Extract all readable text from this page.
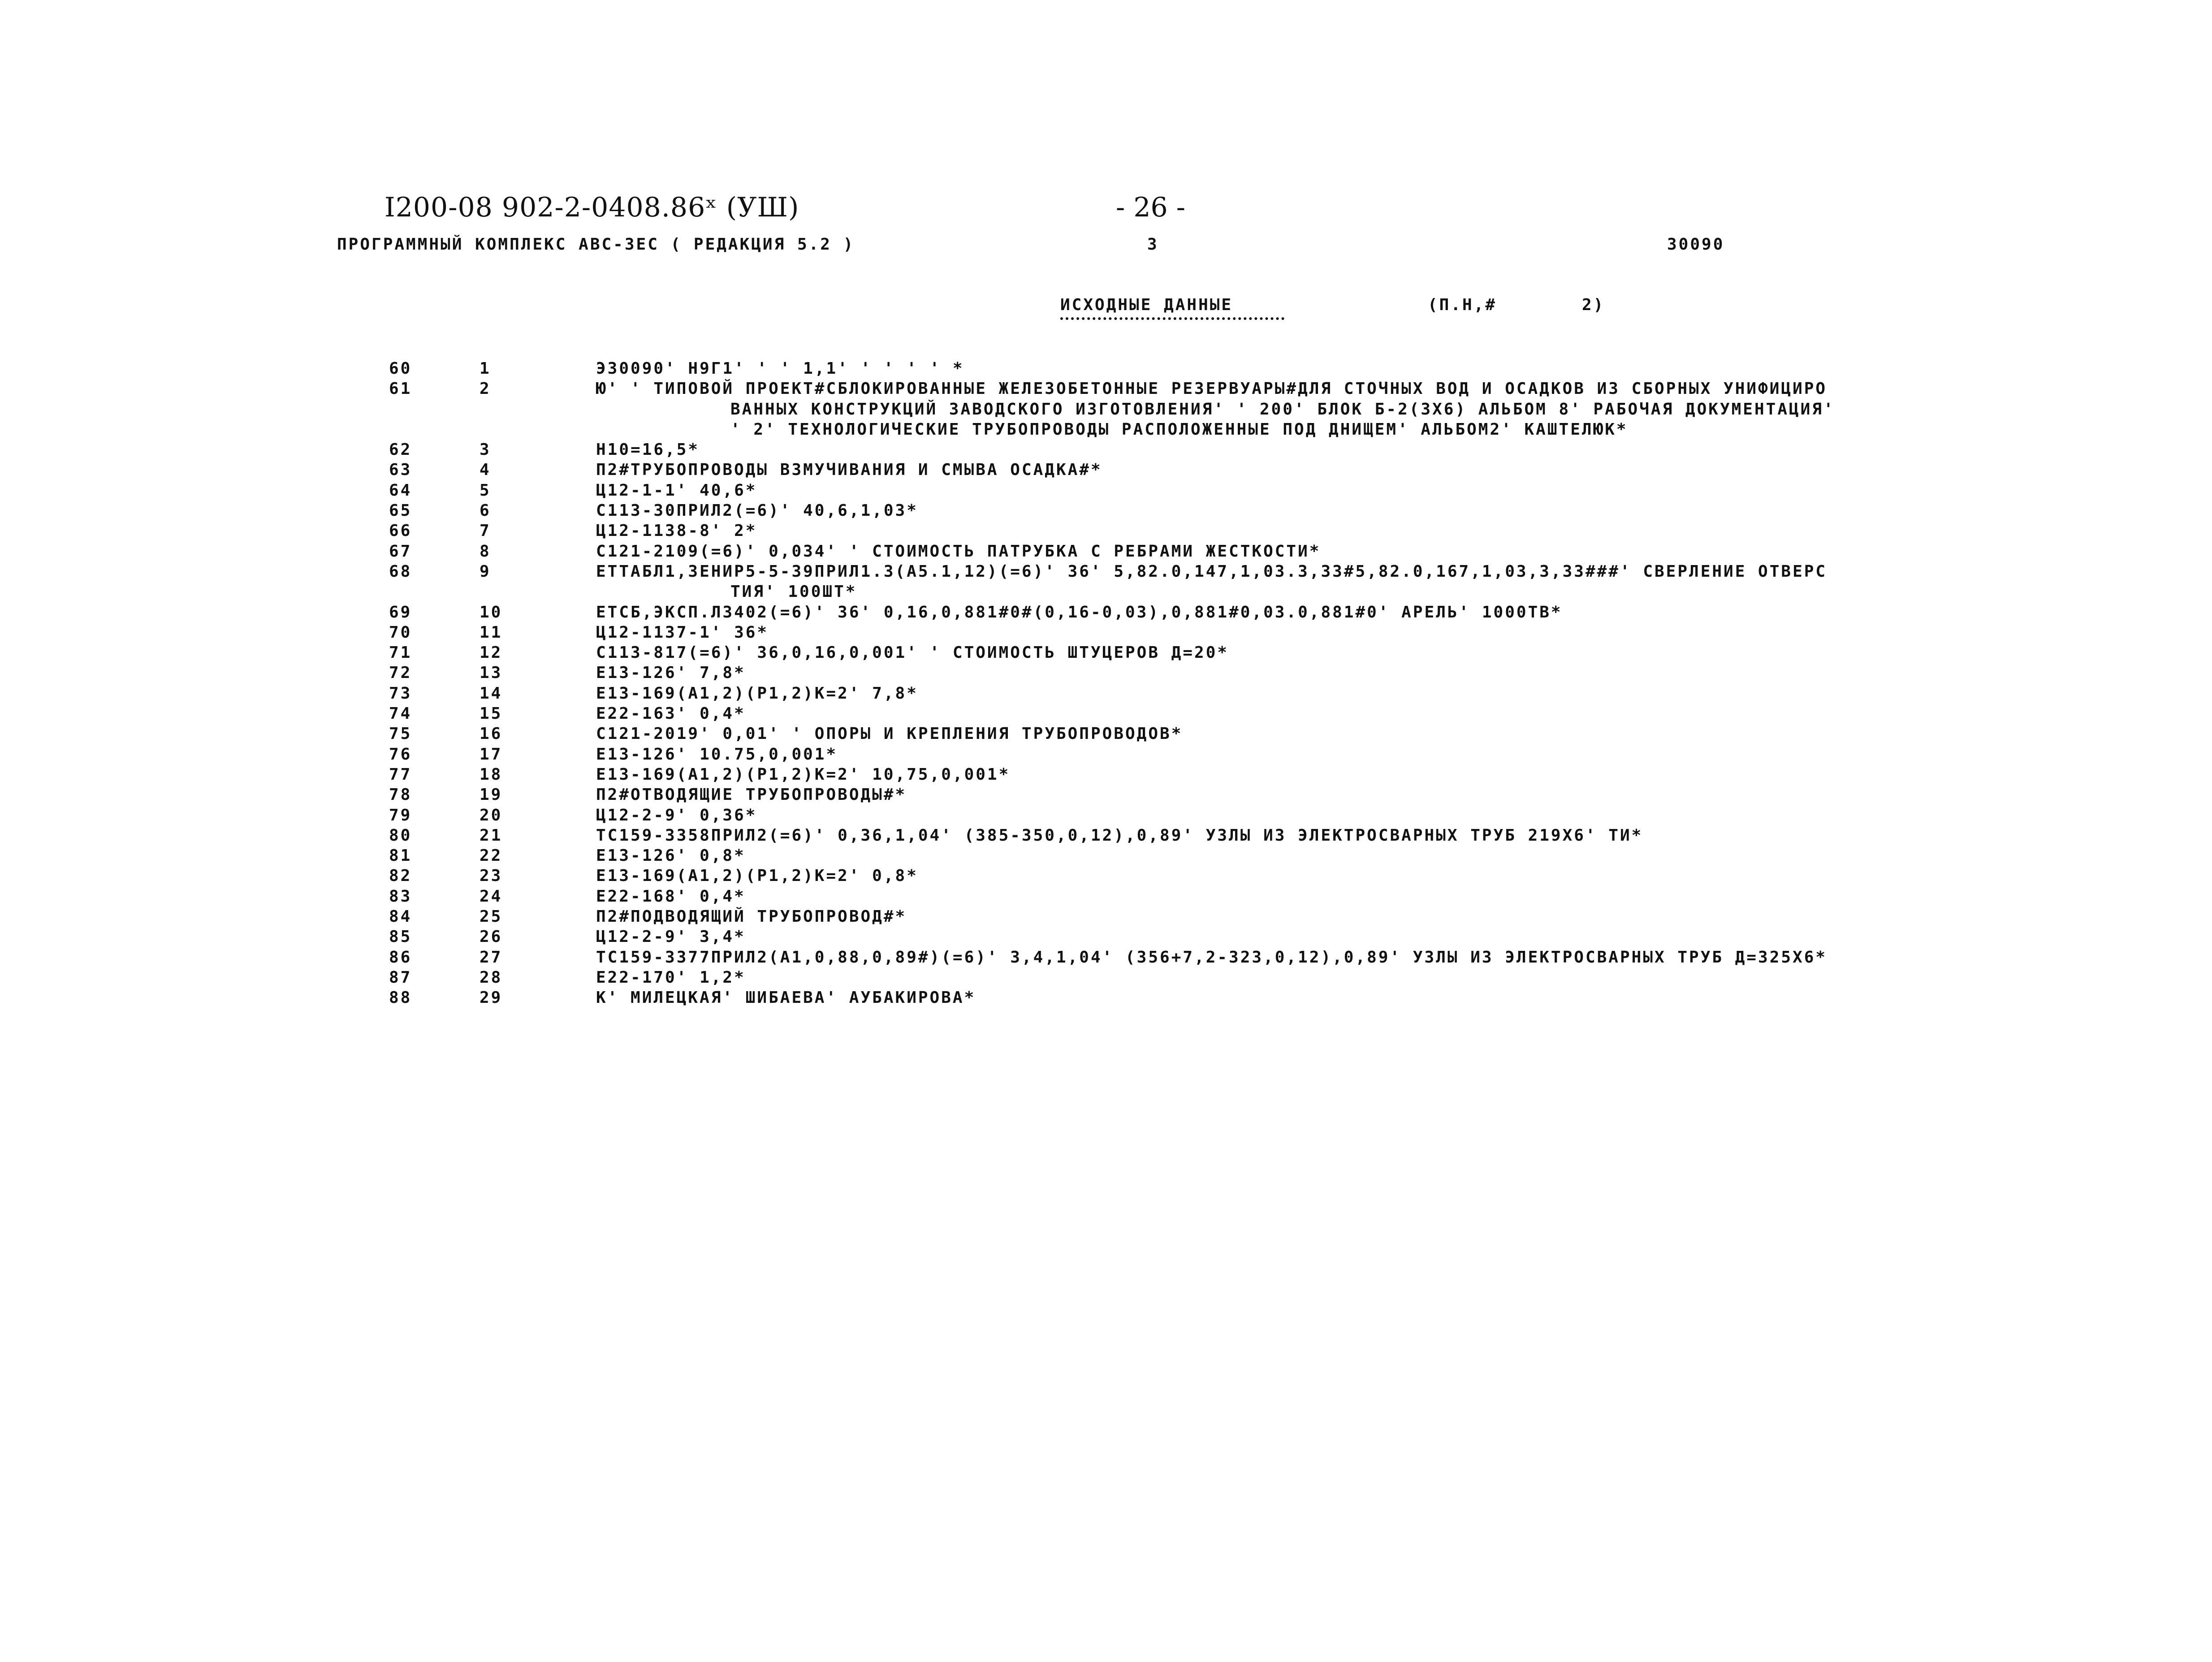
I200-08 902-2-0408.86ˣ (УШ)	- 26 -
ПРОГРАММНЫЙ КОМПЛЕКС АВС-ЗЕС ( РЕДАКЦИЯ 5.2 )	3	30090
ИСХОДНЫЕ ДАННЫЕ	(П.Н,#	2)
60	1	Э30090' Н9Г1' ' ' 1,1' ' ' ' ' *
61	2	Ю' ' ТИПОВОЙ ПРОЕКТ#СБЛОКИРОВАННЫЕ ЖЕЛЕЗОБЕТОННЫЕ РЕЗЕРВУАРЫ#ДЛЯ СТОЧНЫХ ВОД И ОСАДКОВ ИЗ СБОРНЫХ УНИФИЦИРО
ВАННЫХ КОНСТРУКЦИЙ ЗАВОДСКОГО ИЗГОТОВЛЕНИЯ' ' 200' БЛОК Б-2(3Х6) АЛЬБОМ 8' РАБОЧАЯ ДОКУМЕНТАЦИЯ'
' 2' ТЕХНОЛОГИЧЕСКИЕ ТРУБОПРОВОДЫ РАСПОЛОЖЕННЫЕ ПОД ДНИЩЕМ' АЛЬБОМ2' КАШТЕЛЮК*
62	3	Н10=16,5*
63	4	П2#ТРУБОПРОВОДЫ ВЗМУЧИВАНИЯ И СМЫВА ОСАДКА#*
64	5	Ц12-1-1' 40,6*
65	6	С113-30ПРИЛ2(=6)' 40,6,1,03*
66	7	Ц12-1138-8' 2*
67	8	С121-2109(=6)' 0,034' ' СТОИМОСТЬ ПАТРУБКА С РЕБРАМИ ЖЕСТКОСТИ*
68	9	ЕТТАБЛ1,3ЕНИР5-5-39ПРИЛ1.3(А5.1,12)(=6)' 36' 5,82.0,147,1,03.3,33#5,82.0,167,1,03,3,33###' СВЕРЛЕНИЕ ОТВЕРС
ТИЯ' 100ШТ*
69	10	ЕТСБ,ЭКСП.Л3402(=6)' 36' 0,16,0,881#0#(0,16-0,03),0,881#0,03.0,881#0' АРЕЛЬ' 1000ТВ*
70	11	Ц12-1137-1' 36*
71	12	С113-817(=6)' 36,0,16,0,001' ' СТОИМОСТЬ ШТУЦЕРОВ Д=20*
72	13	Е13-126' 7,8*
73	14	Е13-169(А1,2)(Р1,2)К=2' 7,8*
74	15	Е22-163' 0,4*
75	16	С121-2019' 0,01' ' ОПОРЫ И КРЕПЛЕНИЯ ТРУБОПРОВОДОВ*
76	17	Е13-126' 10.75,0,001*
77	18	Е13-169(А1,2)(Р1,2)К=2' 10,75,0,001*
78	19	П2#ОТВОДЯЩИЕ ТРУБОПРОВОДЫ#*
79	20	Ц12-2-9' 0,36*
80	21	ТС159-3358ПРИЛ2(=6)' 0,36,1,04' (385-350,0,12),0,89' УЗЛЫ ИЗ ЭЛЕКТРОСВАРНЫХ ТРУБ 219Х6' ТИ*
81	22	Е13-126' 0,8*
82	23	Е13-169(А1,2)(Р1,2)К=2' 0,8*
83	24	Е22-168' 0,4*
84	25	П2#ПОДВОДЯЩИЙ ТРУБОПРОВОД#*
85	26	Ц12-2-9' 3,4*
86	27	ТС159-3377ПРИЛ2(А1,0,88,0,89#)(=6)' 3,4,1,04' (356+7,2-323,0,12),0,89' УЗЛЫ ИЗ ЭЛЕКТРОСВАРНЫХ ТРУБ Д=325Х6*
87	28	Е22-170' 1,2*
88	29	К' МИЛЕЦКАЯ' ШИБАЕВА' АУБАКИРОВА*
